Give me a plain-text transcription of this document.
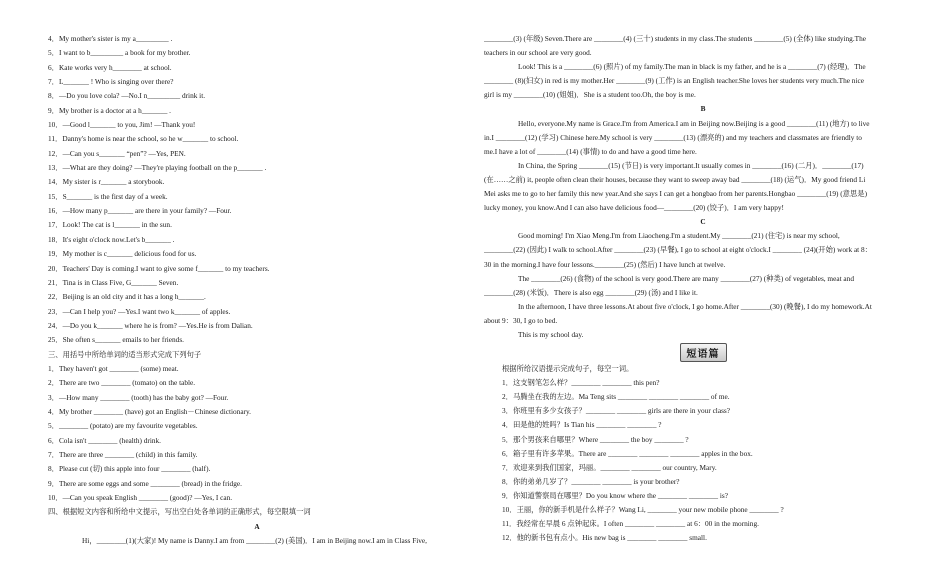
4．My mother's sister is my a_________ .
5．I want to b_________ a book for my brother.
6．Kate works very h________ at school.
7．L_______ ! Who is singing over there?
8．—Do you love cola? —No.I n_________ drink it.
9．My brother is a doctor at a h_______ .
10．—Good l_______ to you, Jim! —Thank you!
11．Danny's home is near the school, so he w_______ to school.
12．—Can you s_______ “pen”? —Yes, PEN.
13．—What are they doing? —They're playing football on the p_______ .
14．My sister is r_______ a storybook.
15．S_______ is the first day of a week.
16．—How many p_______ are there in your family? —Four.
17．Look! The cat is l_______ in the sun.
18．It's eight o'clock now.Let's b_______ .
19．My mother is c_______ delicious food for us.
20．Teachers' Day is coming.I want to give some f_______ to my teachers.
21．Tina is in Class Five, G_______ Seven.
22．Beijing is an old city and it has a long h_______.
23．—Can I help you? —Yes.I want two k_______ of apples.
24．—Do you k_______ where he is from? —Yes.He is from Dalian.
25．She often s_______ emails to her friends.
三、用括号中所给单词的适当形式完成下列句子
1．They haven't got ________ (some) meat.
2．There are two ________ (tomato) on the table.
3．—How many ________ (tooth) has the baby got? —Four.
4．My brother ________ (have) got an English－Chinese dictionary.
5．________ (potato) are my favourite vegetables.
6．Cola isn't ________ (health) drink.
7．There are three ________ (child) in this family.
8．Please cut (切) this apple into four ________ (half).
9．There are some eggs and some ________ (bread) in the fridge.
10．—Can you speak English ________ (good)? —Yes, I can.
四、根据短文内容和所给中文提示，写出空白处各单词的正确形式，每空限填一词
A
Hi，________(1)(大家)! My name is Danny.I am from ________(2) (美国)．I am in Beijing now.I am in Class Five,
________(3) (年级) Seven.There are ________(4) (三十) students in my class.The students ________(5) (全体) like studying.The
teachers in our school are very good.
Look! This is a ________(6) (照片) of my family.The man in black is my father, and he is a ________(7) (经理)．The
________ (8)(妇女) in red is my mother.Her ________(9) (工作) is an English teacher.She loves her students very much.The nice
girl is my ________(10) (姐姐)．She is a student too.Oh, the boy is me.
B
Hello, everyone.My name is Grace.I'm from America.I am in Beijing now.Beijing is a good ________(11) (地方) to live
in.I ________(12) (学习) Chinese here.My school is very ________(13) (漂亮的) and my teachers and classmates are friendly to
me.I have a lot of ________(14) (事情) to do and have a good time here.
In China, the Spring ________(15) (节日) is very important.It usually comes in ________(16) (二月)．________(17)
(在……之前) it, people often clean their houses, because they want to sweep away bad ________(18) (运气)．My good friend Li
Mei asks me to go to her family this new year.And she says I can get a hongbao from her parents.Hongbao ________(19) (意思是)
lucky money, you know.And I can also have delicious food—________(20) (饺子)．I am very happy!
C
Good morning! I'm Xiao Meng.I'm from Liaocheng.I'm a student.My ________(21) (住宅) is near my school,
________(22) (因此) I walk to school.After ________(23) (早餐), I go to school at eight o'clock.I ________ (24)(开始) work at 8：
30 in the morning.I have four lessons.________(25) (然后) I have lunch at twelve.
The ________(26) (食物) of the school is very good.There are many ________(27) (种类) of vegetables, meat and
________(28) (米饭)．There is also egg ________(29) (汤) and I like it.
In the afternoon, I have three lessons.At about five o'clock, I go home.After ________(30) (晚餐), I do my homework.At
about 9：30, I go to bed.
This is my school day.
短语篇
根据所给汉语提示完成句子，每空一词。
1．这支钢笔怎么样？________ ________ this pen?
2．马腾坐在我的左边。Ma Teng sits ________ ________ ________ of me.
3．你班里有多少女孩子？________ ________ girls are there in your class?
4．田是他的姓吗？Is Tian his ________ ________ ?
5．那个男孩来自哪里？Where ________ the boy ________ ?
6．箱子里有许多苹果。There are ________ ________ ________ apples in the box.
7．欢迎来到我们国家，玛丽。________ ________ our country, Mary.
8．你的弟弟几岁了？________ ________ is your brother?
9．你知道警察局在哪里？Do you know where the ________ ________ is?
10．王丽，你的新手机是什么样子？Wang Li, ________ your new mobile phone ________ ?
11．我经常在早晨 6 点钟起床。I often ________ ________ at 6：00 in the morning.
12．他的新书包有点小。His new bag is ________ ________ small.
